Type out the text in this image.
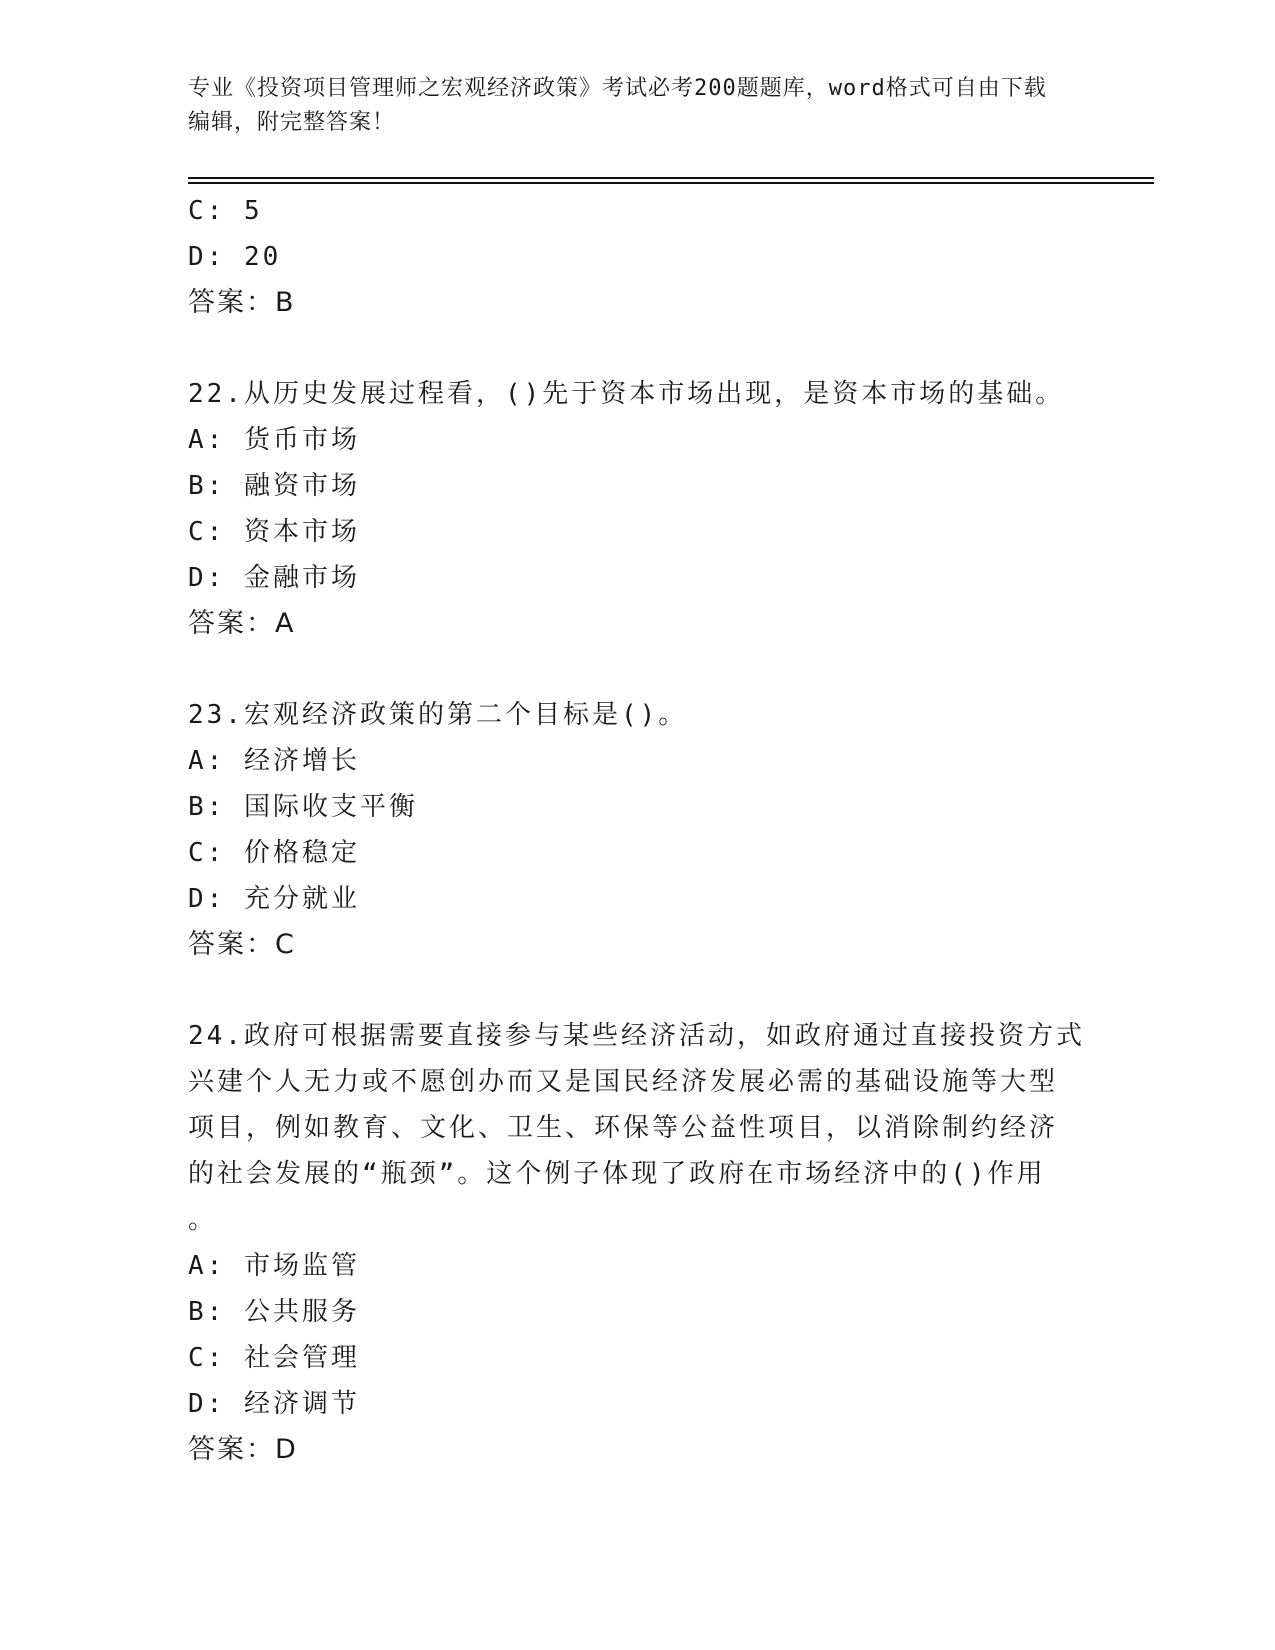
专业《投资项目管理师之宏观经济政策》考试必考200题题库，word格式可自由下载编辑，附完整答案！
C: 5
D: 20
答案：B
22.从历史发展过程看，()先于资本市场出现，是资本市场的基础。
A: 货币市场
B: 融资市场
C: 资本市场
D: 金融市场
答案：A
23.宏观经济政策的第二个目标是()。
A: 经济增长
B: 国际收支平衡
C: 价格稳定
D: 充分就业
答案：C
24.政府可根据需要直接参与某些经济活动，如政府通过直接投资方式
兴建个人无力或不愿创办而又是国民经济发展必需的基础设施等大型
项目，例如教育、文化、卫生、环保等公益性项目，以消除制约经济
的社会发展的“瓶颈”。这个例子体现了政府在市场经济中的()作用
。
A: 市场监管
B: 公共服务
C: 社会管理
D: 经济调节
答案：D
